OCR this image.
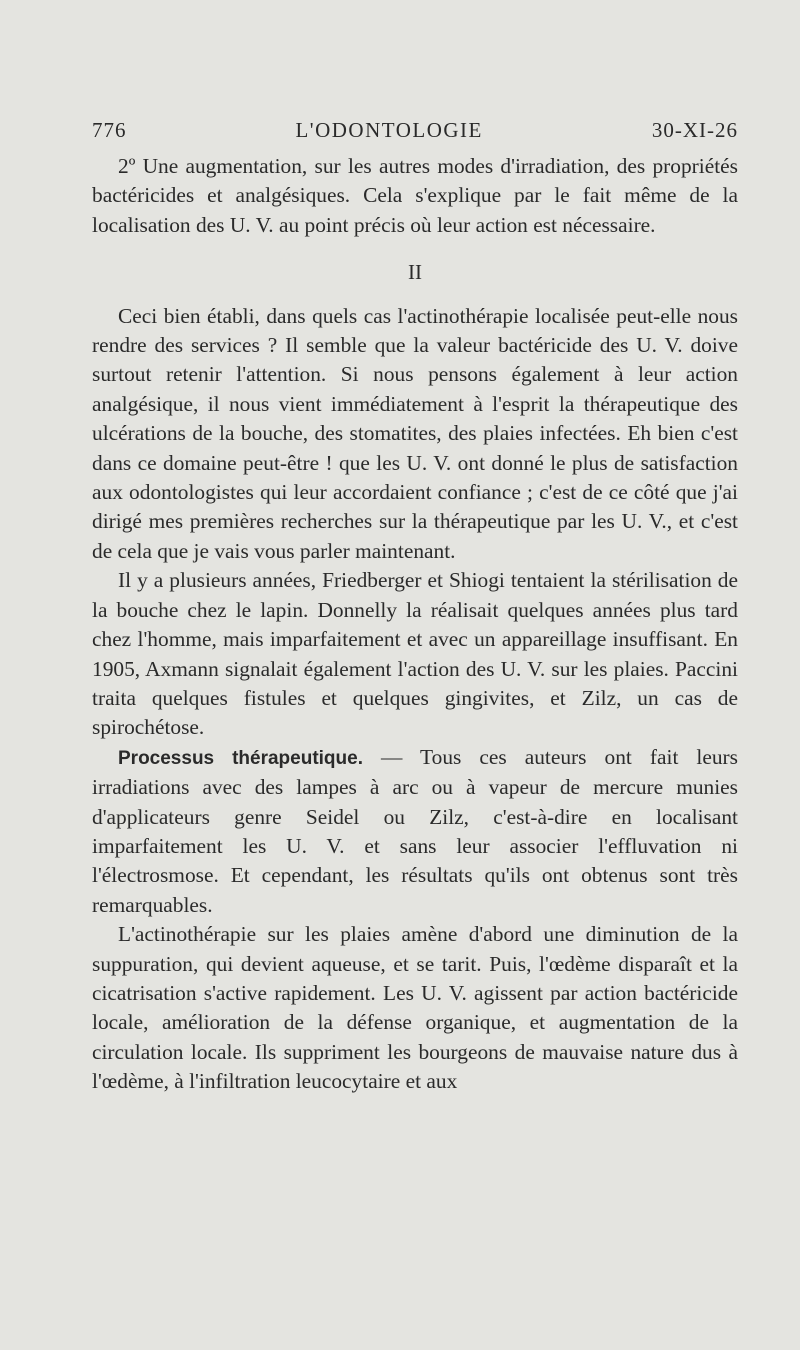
776	L'ODONTOLOGIE	30-XI-26

2º Une augmentation, sur les autres modes d'irradiation, des propriétés bactéricides et analgésiques. Cela s'explique par le fait même de la localisation des U. V. au point précis où leur action est nécessaire.

II

Ceci bien établi, dans quels cas l'actinothérapie localisée peut-elle nous rendre des services ? Il semble que la valeur bactéricide des U. V. doive surtout retenir l'attention. Si nous pensons également à leur action analgésique, il nous vient immédiatement à l'esprit la thérapeutique des ulcérations de la bouche, des stomatites, des plaies infectées. Eh bien c'est dans ce domaine peut-être ! que les U. V. ont donné le plus de satisfaction aux odontologistes qui leur accordaient confiance ; c'est de ce côté que j'ai dirigé mes premières recherches sur la thérapeutique par les U. V., et c'est de cela que je vais vous parler maintenant.

Il y a plusieurs années, Friedberger et Shiogi tentaient la stérilisation de la bouche chez le lapin. Donnelly la réalisait quelques années plus tard chez l'homme, mais imparfaitement et avec un appareillage insuffisant. En 1905, Axmann signalait également l'action des U. V. sur les plaies. Paccini traita quelques fistules et quelques gingivites, et Zilz, un cas de spirochétose.

Processus thérapeutique. — Tous ces auteurs ont fait leurs irradiations avec des lampes à arc ou à vapeur de mercure munies d'applicateurs genre Seidel ou Zilz, c'est-à-dire en localisant imparfaitement les U. V. et sans leur associer l'effluvation ni l'électrosmose. Et cependant, les résultats qu'ils ont obtenus sont très remarquables.

L'actinothérapie sur les plaies amène d'abord une diminution de la suppuration, qui devient aqueuse, et se tarit. Puis, l'œdème disparaît et la cicatrisation s'active rapidement. Les U. V. agissent par action bactéricide locale, amélioration de la défense organique, et augmentation de la circulation locale. Ils suppriment les bourgeons de mauvaise nature dus à l'œdème, à l'infiltration leucocytaire et aux
